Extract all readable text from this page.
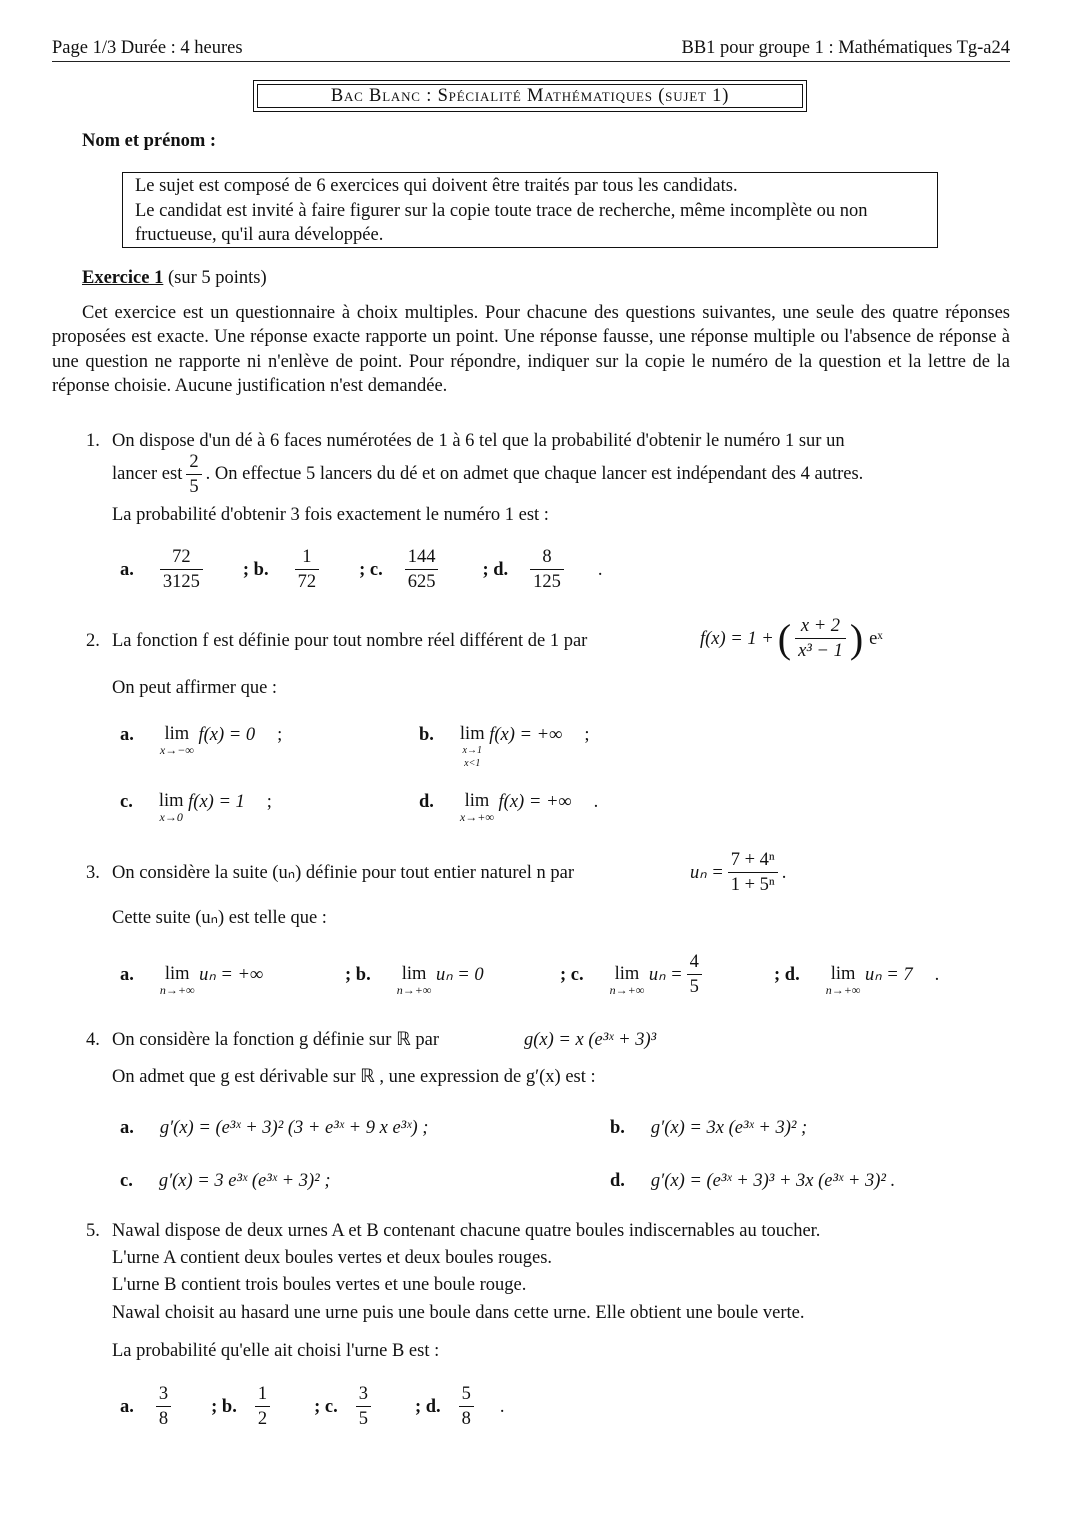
Page 1/3 Durée : 4 heures	BB1 pour groupe 1 : Mathématiques Tg-a24
Bac Blanc : Spécialité Mathématiques (sujet 1)
Nom et prénom :
Le sujet est composé de 6 exercices qui doivent être traités par tous les candidats.
Le candidat est invité à faire figurer sur la copie toute trace de recherche, même incomplète ou non fructueuse, qu'il aura développée.
Exercice 1 (sur 5 points)
Cet exercice est un questionnaire à choix multiples. Pour chacune des questions suivantes, une seule des quatre réponses proposées est exacte. Une réponse exacte rapporte un point. Une réponse fausse, une réponse multiple ou l'absence de réponse à une question ne rapporte ni n'enlève de point. Pour répondre, indiquer sur la copie le numéro de la question et la lettre de la réponse choisie. Aucune justification n'est demandée.
1. On dispose d'un dé à 6 faces numérotées de 1 à 6 tel que la probabilité d'obtenir le numéro 1 sur un
lancer est $\frac{2}{5}$ . On effectue 5 lancers du dé et on admet que chaque lancer est indépendant des 4 autres.
La probabilité d'obtenir 3 fois exactement le numéro 1 est :
a. $\frac{72}{3125}$ ; b. $\frac{1}{72}$ ; c. $\frac{144}{625}$ ; d. $\frac{8}{125}$ .
2. La fonction f est définie pour tout nombre réel différent de 1 par	f(x) = 1 + ( $\frac{x + 2}{\text{x³ − 1}}$ ) eˣ
On peut affirmer que :
a. lim
x→−∞
f(x) = 0 ;	b. lim
x→1
x<1
f(x) = +∞ ;
c. lim
x→0
f(x) = 1 ;	d. lim
x→+∞
f(x) = +∞ .
3. On considère la suite (uₙ) définie pour tout entier naturel n par	$u_n = \frac{\text{7 + 4ⁿ}}{\text{1 + 5ⁿ}}$ .
Cette suite (uₙ) est telle que :
a. lim
n→+∞
uₙ = +∞	; b. lim
n→+∞
uₙ = 0	; c. lim
n→+∞

$u_n = \frac{4}{5}$	; d. lim
n→+∞
uₙ = 7 .
4. On considère la fonction g définie sur ℝ par	g(x) = x (e³ˣ + 3)³
On admet que g est dérivable sur ℝ , une expression de g′(x) est :
a. g′(x) = (e³ˣ + 3)² (3 + e³ˣ + 9 x e³ˣ) ;	b. g′(x) = 3x (e³ˣ + 3)² ;
c. g′(x) = 3 e³ˣ (e³ˣ + 3)² ;	d. g′(x) = (e³ˣ + 3)³ + 3x (e³ˣ + 3)² .
5. Nawal dispose de deux urnes A et B contenant chacune quatre boules indiscernables au toucher.
L'urne A contient deux boules vertes et deux boules rouges.
L'urne B contient trois boules vertes et une boule rouge.
Nawal choisit au hasard une urne puis une boule dans cette urne. Elle obtient une boule verte.
La probabilité qu'elle ait choisi l'urne B est :
a. $\frac{3}{8}$ ; b. $\frac{1}{2}$ ; c. $\frac{3}{5}$ ; d. $\frac{5}{8}$ .
